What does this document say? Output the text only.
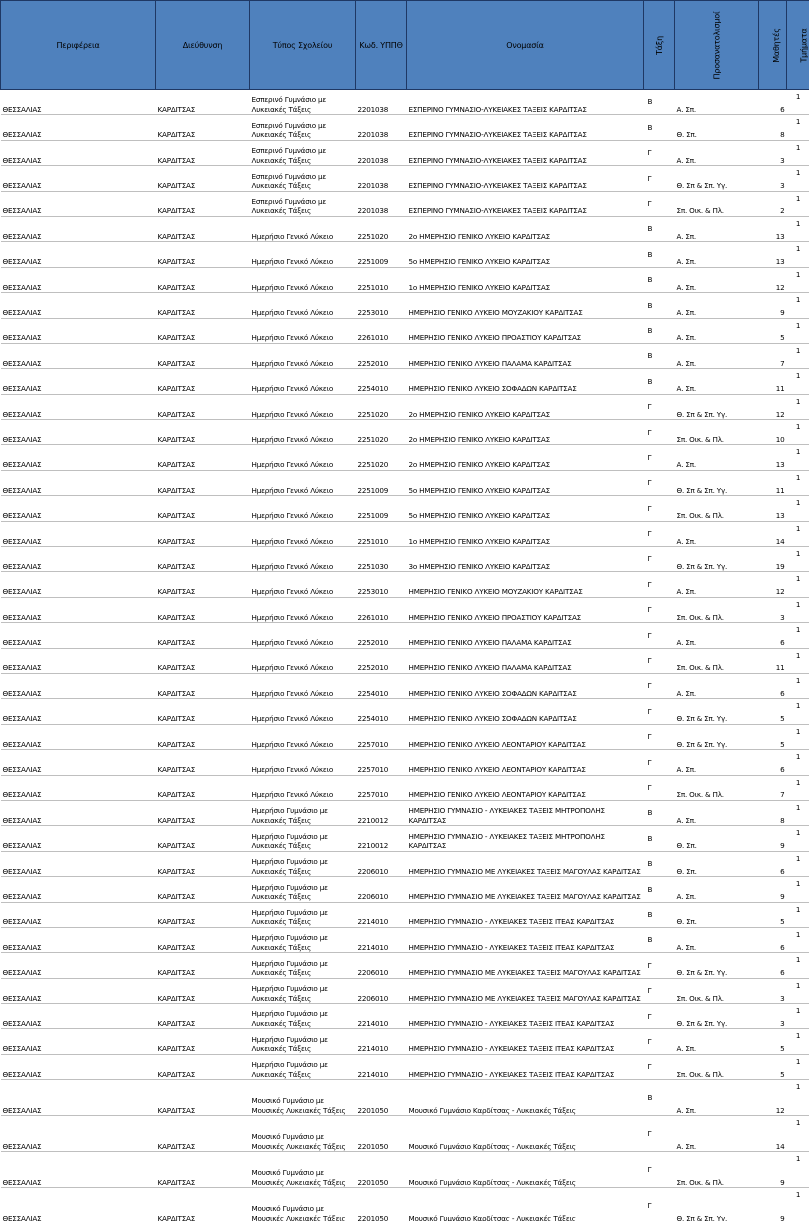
Περιφέρεια	Διεύθυνση	Τύπος Σχολείου	Κωδ. ΥΠΠΘ	Ονομασία	Τάξη	Προσανατολισμοί	Μαθητές	Τμήματα
ΘΕΣΣΑΛΙΑΣ	ΚΑΡΔΙΤΣΑΣ	Εσπερινό Γυμνάσιο με Λυκειακές Τάξεις	2201038	ΕΣΠΕΡΙΝΟ ΓΥΜΝΑΣΙΟ-ΛΥΚΕΙΑΚΕΣ ΤΑΞΕΙΣ ΚΑΡΔΙΤΣΑΣ	Β	Α. Σπ.	6	1
ΘΕΣΣΑΛΙΑΣ	ΚΑΡΔΙΤΣΑΣ	Εσπερινό Γυμνάσιο με Λυκειακές Τάξεις	2201038	ΕΣΠΕΡΙΝΟ ΓΥΜΝΑΣΙΟ-ΛΥΚΕΙΑΚΕΣ ΤΑΞΕΙΣ ΚΑΡΔΙΤΣΑΣ	Β	Θ. Σπ.	8	1
ΘΕΣΣΑΛΙΑΣ	ΚΑΡΔΙΤΣΑΣ	Εσπερινό Γυμνάσιο με Λυκειακές Τάξεις	2201038	ΕΣΠΕΡΙΝΟ ΓΥΜΝΑΣΙΟ-ΛΥΚΕΙΑΚΕΣ ΤΑΞΕΙΣ ΚΑΡΔΙΤΣΑΣ	Γ	Α. Σπ.	3	1
ΘΕΣΣΑΛΙΑΣ	ΚΑΡΔΙΤΣΑΣ	Εσπερινό Γυμνάσιο με Λυκειακές Τάξεις	2201038	ΕΣΠΕΡΙΝΟ ΓΥΜΝΑΣΙΟ-ΛΥΚΕΙΑΚΕΣ ΤΑΞΕΙΣ ΚΑΡΔΙΤΣΑΣ	Γ	Θ. Σπ & Σπ. Υγ.	3	1
ΘΕΣΣΑΛΙΑΣ	ΚΑΡΔΙΤΣΑΣ	Εσπερινό Γυμνάσιο με Λυκειακές Τάξεις	2201038	ΕΣΠΕΡΙΝΟ ΓΥΜΝΑΣΙΟ-ΛΥΚΕΙΑΚΕΣ ΤΑΞΕΙΣ ΚΑΡΔΙΤΣΑΣ	Γ	Σπ. Οικ. & Πλ.	2	1
ΘΕΣΣΑΛΙΑΣ	ΚΑΡΔΙΤΣΑΣ	Ημερήσιο Γενικό Λύκειο	2251020	2ο ΗΜΕΡΗΣΙΟ ΓΕΝΙΚΟ ΛΥΚΕΙΟ ΚΑΡΔΙΤΣΑΣ	Β	Α. Σπ.	13	1
ΘΕΣΣΑΛΙΑΣ	ΚΑΡΔΙΤΣΑΣ	Ημερήσιο Γενικό Λύκειο	2251009	5ο ΗΜΕΡΗΣΙΟ ΓΕΝΙΚΟ ΛΥΚΕΙΟ ΚΑΡΔΙΤΣΑΣ	Β	Α. Σπ.	13	1
ΘΕΣΣΑΛΙΑΣ	ΚΑΡΔΙΤΣΑΣ	Ημερήσιο Γενικό Λύκειο	2251010	1ο ΗΜΕΡΗΣΙΟ ΓΕΝΙΚΟ ΛΥΚΕΙΟ ΚΑΡΔΙΤΣΑΣ	Β	Α. Σπ.	12	1
ΘΕΣΣΑΛΙΑΣ	ΚΑΡΔΙΤΣΑΣ	Ημερήσιο Γενικό Λύκειο	2253010	ΗΜΕΡΗΣΙΟ ΓΕΝΙΚΟ ΛΥΚΕΙΟ ΜΟΥΖΑΚΙΟΥ ΚΑΡΔΙΤΣΑΣ	Β	Α. Σπ.	9	1
ΘΕΣΣΑΛΙΑΣ	ΚΑΡΔΙΤΣΑΣ	Ημερήσιο Γενικό Λύκειο	2261010	ΗΜΕΡΗΣΙΟ ΓΕΝΙΚΟ ΛΥΚΕΙΟ ΠΡΟΑΣΤΙΟΥ ΚΑΡΔΙΤΣΑΣ	Β	Α. Σπ.	5	1
ΘΕΣΣΑΛΙΑΣ	ΚΑΡΔΙΤΣΑΣ	Ημερήσιο Γενικό Λύκειο	2252010	ΗΜΕΡΗΣΙΟ ΓΕΝΙΚΟ ΛΥΚΕΙΟ ΠΑΛΑΜΑ ΚΑΡΔΙΤΣΑΣ	Β	Α. Σπ.	7	1
ΘΕΣΣΑΛΙΑΣ	ΚΑΡΔΙΤΣΑΣ	Ημερήσιο Γενικό Λύκειο	2254010	ΗΜΕΡΗΣΙΟ ΓΕΝΙΚΟ ΛΥΚΕΙΟ ΣΟΦΑΔΩΝ ΚΑΡΔΙΤΣΑΣ	Β	Α. Σπ.	11	1
ΘΕΣΣΑΛΙΑΣ	ΚΑΡΔΙΤΣΑΣ	Ημερήσιο Γενικό Λύκειο	2251020	2ο ΗΜΕΡΗΣΙΟ ΓΕΝΙΚΟ ΛΥΚΕΙΟ ΚΑΡΔΙΤΣΑΣ	Γ	Θ. Σπ & Σπ. Υγ.	12	1
ΘΕΣΣΑΛΙΑΣ	ΚΑΡΔΙΤΣΑΣ	Ημερήσιο Γενικό Λύκειο	2251020	2ο ΗΜΕΡΗΣΙΟ ΓΕΝΙΚΟ ΛΥΚΕΙΟ ΚΑΡΔΙΤΣΑΣ	Γ	Σπ. Οικ. & Πλ.	10	1
ΘΕΣΣΑΛΙΑΣ	ΚΑΡΔΙΤΣΑΣ	Ημερήσιο Γενικό Λύκειο	2251020	2ο ΗΜΕΡΗΣΙΟ ΓΕΝΙΚΟ ΛΥΚΕΙΟ ΚΑΡΔΙΤΣΑΣ	Γ	Α. Σπ.	13	1
ΘΕΣΣΑΛΙΑΣ	ΚΑΡΔΙΤΣΑΣ	Ημερήσιο Γενικό Λύκειο	2251009	5ο ΗΜΕΡΗΣΙΟ ΓΕΝΙΚΟ ΛΥΚΕΙΟ ΚΑΡΔΙΤΣΑΣ	Γ	Θ. Σπ & Σπ. Υγ.	11	1
ΘΕΣΣΑΛΙΑΣ	ΚΑΡΔΙΤΣΑΣ	Ημερήσιο Γενικό Λύκειο	2251009	5ο ΗΜΕΡΗΣΙΟ ΓΕΝΙΚΟ ΛΥΚΕΙΟ ΚΑΡΔΙΤΣΑΣ	Γ	Σπ. Οικ. & Πλ.	13	1
ΘΕΣΣΑΛΙΑΣ	ΚΑΡΔΙΤΣΑΣ	Ημερήσιο Γενικό Λύκειο	2251010	1ο ΗΜΕΡΗΣΙΟ ΓΕΝΙΚΟ ΛΥΚΕΙΟ ΚΑΡΔΙΤΣΑΣ	Γ	Α. Σπ.	14	1
ΘΕΣΣΑΛΙΑΣ	ΚΑΡΔΙΤΣΑΣ	Ημερήσιο Γενικό Λύκειο	2251030	3ο ΗΜΕΡΗΣΙΟ ΓΕΝΙΚΟ ΛΥΚΕΙΟ ΚΑΡΔΙΤΣΑΣ	Γ	Θ. Σπ & Σπ. Υγ.	19	1
ΘΕΣΣΑΛΙΑΣ	ΚΑΡΔΙΤΣΑΣ	Ημερήσιο Γενικό Λύκειο	2253010	ΗΜΕΡΗΣΙΟ ΓΕΝΙΚΟ ΛΥΚΕΙΟ ΜΟΥΖΑΚΙΟΥ ΚΑΡΔΙΤΣΑΣ	Γ	Α. Σπ.	12	1
ΘΕΣΣΑΛΙΑΣ	ΚΑΡΔΙΤΣΑΣ	Ημερήσιο Γενικό Λύκειο	2261010	ΗΜΕΡΗΣΙΟ ΓΕΝΙΚΟ ΛΥΚΕΙΟ ΠΡΟΑΣΤΙΟΥ ΚΑΡΔΙΤΣΑΣ	Γ	Σπ. Οικ. & Πλ.	3	1
ΘΕΣΣΑΛΙΑΣ	ΚΑΡΔΙΤΣΑΣ	Ημερήσιο Γενικό Λύκειο	2252010	ΗΜΕΡΗΣΙΟ ΓΕΝΙΚΟ ΛΥΚΕΙΟ ΠΑΛΑΜΑ ΚΑΡΔΙΤΣΑΣ	Γ	Α. Σπ.	6	1
ΘΕΣΣΑΛΙΑΣ	ΚΑΡΔΙΤΣΑΣ	Ημερήσιο Γενικό Λύκειο	2252010	ΗΜΕΡΗΣΙΟ ΓΕΝΙΚΟ ΛΥΚΕΙΟ ΠΑΛΑΜΑ ΚΑΡΔΙΤΣΑΣ	Γ	Σπ. Οικ. & Πλ.	11	1
ΘΕΣΣΑΛΙΑΣ	ΚΑΡΔΙΤΣΑΣ	Ημερήσιο Γενικό Λύκειο	2254010	ΗΜΕΡΗΣΙΟ ΓΕΝΙΚΟ ΛΥΚΕΙΟ ΣΟΦΑΔΩΝ ΚΑΡΔΙΤΣΑΣ	Γ	Α. Σπ.	6	1
ΘΕΣΣΑΛΙΑΣ	ΚΑΡΔΙΤΣΑΣ	Ημερήσιο Γενικό Λύκειο	2254010	ΗΜΕΡΗΣΙΟ ΓΕΝΙΚΟ ΛΥΚΕΙΟ ΣΟΦΑΔΩΝ ΚΑΡΔΙΤΣΑΣ	Γ	Θ. Σπ & Σπ. Υγ.	5	1
ΘΕΣΣΑΛΙΑΣ	ΚΑΡΔΙΤΣΑΣ	Ημερήσιο Γενικό Λύκειο	2257010	ΗΜΕΡΗΣΙΟ ΓΕΝΙΚΟ ΛΥΚΕΙΟ ΛΕΟΝΤΑΡΙΟΥ ΚΑΡΔΙΤΣΑΣ	Γ	Θ. Σπ & Σπ. Υγ.	5	1
ΘΕΣΣΑΛΙΑΣ	ΚΑΡΔΙΤΣΑΣ	Ημερήσιο Γενικό Λύκειο	2257010	ΗΜΕΡΗΣΙΟ ΓΕΝΙΚΟ ΛΥΚΕΙΟ ΛΕΟΝΤΑΡΙΟΥ ΚΑΡΔΙΤΣΑΣ	Γ	Α. Σπ.	6	1
ΘΕΣΣΑΛΙΑΣ	ΚΑΡΔΙΤΣΑΣ	Ημερήσιο Γενικό Λύκειο	2257010	ΗΜΕΡΗΣΙΟ ΓΕΝΙΚΟ ΛΥΚΕΙΟ ΛΕΟΝΤΑΡΙΟΥ ΚΑΡΔΙΤΣΑΣ	Γ	Σπ. Οικ. & Πλ.	7	1
ΘΕΣΣΑΛΙΑΣ	ΚΑΡΔΙΤΣΑΣ	Ημερήσιο Γυμνάσιο με Λυκειακές Τάξεις	2210012	ΗΜΕΡΗΣΙΟ ΓΥΜΝΑΣΙΟ - ΛΥΚΕΙΑΚΕΣ ΤΑΞΕΙΣ ΜΗΤΡΟΠΟΛΗΣ ΚΑΡΔΙΤΣΑΣ	Β	Α. Σπ.	8	1
ΘΕΣΣΑΛΙΑΣ	ΚΑΡΔΙΤΣΑΣ	Ημερήσιο Γυμνάσιο με Λυκειακές Τάξεις	2210012	ΗΜΕΡΗΣΙΟ ΓΥΜΝΑΣΙΟ - ΛΥΚΕΙΑΚΕΣ ΤΑΞΕΙΣ ΜΗΤΡΟΠΟΛΗΣ ΚΑΡΔΙΤΣΑΣ	Β	Θ. Σπ.	9	1
ΘΕΣΣΑΛΙΑΣ	ΚΑΡΔΙΤΣΑΣ	Ημερήσιο Γυμνάσιο με Λυκειακές Τάξεις	2206010	ΗΜΕΡΗΣΙΟ ΓΥΜΝΑΣΙΟ ΜΕ ΛΥΚΕΙΑΚΕΣ ΤΑΞΕΙΣ ΜΑΓΟΥΛΑΣ ΚΑΡΔΙΤΣΑΣ	Β	Θ. Σπ.	6	1
ΘΕΣΣΑΛΙΑΣ	ΚΑΡΔΙΤΣΑΣ	Ημερήσιο Γυμνάσιο με Λυκειακές Τάξεις	2206010	ΗΜΕΡΗΣΙΟ ΓΥΜΝΑΣΙΟ ΜΕ ΛΥΚΕΙΑΚΕΣ ΤΑΞΕΙΣ ΜΑΓΟΥΛΑΣ ΚΑΡΔΙΤΣΑΣ	Β	Α. Σπ.	9	1
ΘΕΣΣΑΛΙΑΣ	ΚΑΡΔΙΤΣΑΣ	Ημερήσιο Γυμνάσιο με Λυκειακές Τάξεις	2214010	ΗΜΕΡΗΣΙΟ ΓΥΜΝΑΣΙΟ - ΛΥΚΕΙΑΚΕΣ ΤΑΞΕΙΣ ΙΤΕΑΣ ΚΑΡΔΙΤΣΑΣ	Β	Θ. Σπ.	5	1
ΘΕΣΣΑΛΙΑΣ	ΚΑΡΔΙΤΣΑΣ	Ημερήσιο Γυμνάσιο με Λυκειακές Τάξεις	2214010	ΗΜΕΡΗΣΙΟ ΓΥΜΝΑΣΙΟ - ΛΥΚΕΙΑΚΕΣ ΤΑΞΕΙΣ ΙΤΕΑΣ ΚΑΡΔΙΤΣΑΣ	Β	Α. Σπ.	6	1
ΘΕΣΣΑΛΙΑΣ	ΚΑΡΔΙΤΣΑΣ	Ημερήσιο Γυμνάσιο με Λυκειακές Τάξεις	2206010	ΗΜΕΡΗΣΙΟ ΓΥΜΝΑΣΙΟ ΜΕ ΛΥΚΕΙΑΚΕΣ ΤΑΞΕΙΣ ΜΑΓΟΥΛΑΣ ΚΑΡΔΙΤΣΑΣ	Γ	Θ. Σπ & Σπ. Υγ.	6	1
ΘΕΣΣΑΛΙΑΣ	ΚΑΡΔΙΤΣΑΣ	Ημερήσιο Γυμνάσιο με Λυκειακές Τάξεις	2206010	ΗΜΕΡΗΣΙΟ ΓΥΜΝΑΣΙΟ ΜΕ ΛΥΚΕΙΑΚΕΣ ΤΑΞΕΙΣ ΜΑΓΟΥΛΑΣ ΚΑΡΔΙΤΣΑΣ	Γ	Σπ. Οικ. & Πλ.	3	1
ΘΕΣΣΑΛΙΑΣ	ΚΑΡΔΙΤΣΑΣ	Ημερήσιο Γυμνάσιο με Λυκειακές Τάξεις	2214010	ΗΜΕΡΗΣΙΟ ΓΥΜΝΑΣΙΟ - ΛΥΚΕΙΑΚΕΣ ΤΑΞΕΙΣ ΙΤΕΑΣ ΚΑΡΔΙΤΣΑΣ	Γ	Θ. Σπ & Σπ. Υγ.	3	1
ΘΕΣΣΑΛΙΑΣ	ΚΑΡΔΙΤΣΑΣ	Ημερήσιο Γυμνάσιο με Λυκειακές Τάξεις	2214010	ΗΜΕΡΗΣΙΟ ΓΥΜΝΑΣΙΟ - ΛΥΚΕΙΑΚΕΣ ΤΑΞΕΙΣ ΙΤΕΑΣ ΚΑΡΔΙΤΣΑΣ	Γ	Α. Σπ.	5	1
ΘΕΣΣΑΛΙΑΣ	ΚΑΡΔΙΤΣΑΣ	Ημερήσιο Γυμνάσιο με Λυκειακές Τάξεις	2214010	ΗΜΕΡΗΣΙΟ ΓΥΜΝΑΣΙΟ - ΛΥΚΕΙΑΚΕΣ ΤΑΞΕΙΣ ΙΤΕΑΣ ΚΑΡΔΙΤΣΑΣ	Γ	Σπ. Οικ. & Πλ.	5	1
ΘΕΣΣΑΛΙΑΣ	ΚΑΡΔΙΤΣΑΣ	Μουσικό Γυμνάσιο με Μουσικές Λυκειακές Τάξεις	2201050	Μουσικό Γυμνάσιο Καρδίτσας - Λυκειακές Τάξεις	Β	Α. Σπ.	12	1
ΘΕΣΣΑΛΙΑΣ	ΚΑΡΔΙΤΣΑΣ	Μουσικό Γυμνάσιο με Μουσικές Λυκειακές Τάξεις	2201050	Μουσικό Γυμνάσιο Καρδίτσας - Λυκειακές Τάξεις	Γ	Α. Σπ.	14	1
ΘΕΣΣΑΛΙΑΣ	ΚΑΡΔΙΤΣΑΣ	Μουσικό Γυμνάσιο με Μουσικές Λυκειακές Τάξεις	2201050	Μουσικό Γυμνάσιο Καρδίτσας - Λυκειακές Τάξεις	Γ	Σπ. Οικ. & Πλ.	9	1
ΘΕΣΣΑΛΙΑΣ	ΚΑΡΔΙΤΣΑΣ	Μουσικό Γυμνάσιο με Μουσικές Λυκειακές Τάξεις	2201050	Μουσικό Γυμνάσιο Καρδίτσας - Λυκειακές Τάξεις	Γ	Θ. Σπ & Σπ. Υγ.	9	1
